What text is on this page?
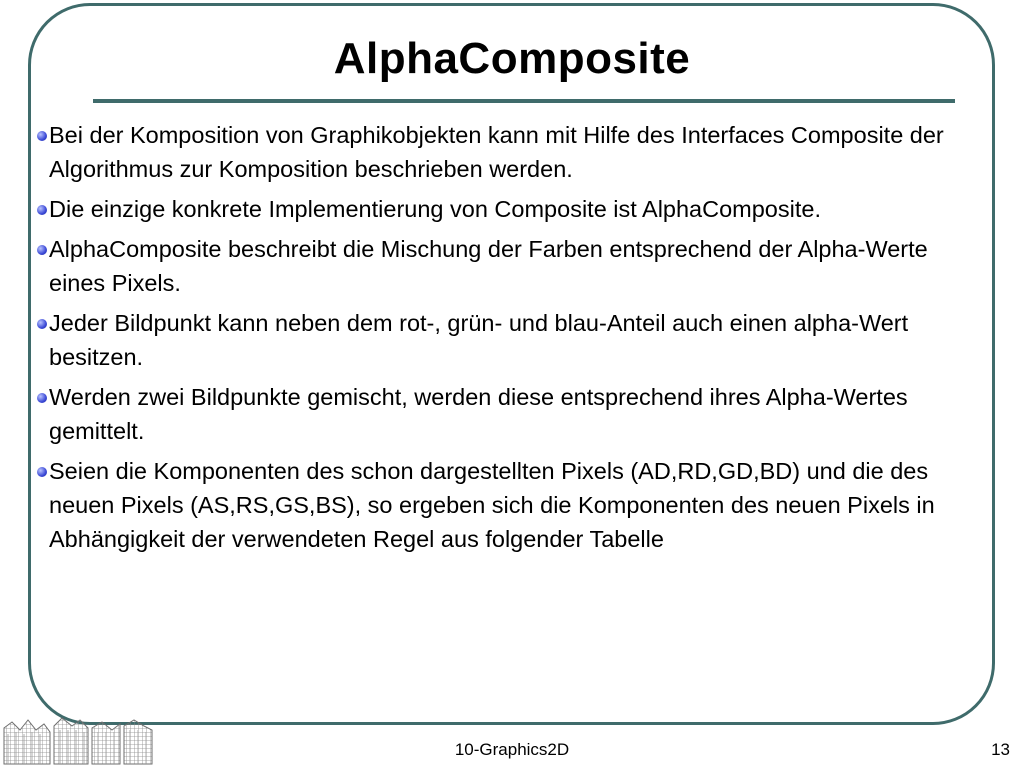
AlphaComposite
Bei der Komposition von Graphikobjekten kann mit Hilfe des Interfaces Composite der Algorithmus zur Komposition beschrieben werden.
Die einzige konkrete Implementierung von Composite ist AlphaComposite.
AlphaComposite beschreibt die Mischung der Farben entsprechend der Alpha-Werte eines Pixels.
Jeder Bildpunkt kann neben dem rot-, grün- und blau-Anteil auch einen alpha-Wert besitzen.
Werden zwei Bildpunkte gemischt, werden diese entsprechend ihres Alpha-Wertes gemittelt.
Seien die Komponenten des schon dargestellten Pixels (AD,RD,GD,BD) und die des neuen Pixels (AS,RS,GS,BS), so ergeben sich die Komponenten des neuen Pixels in Abhängigkeit der verwendeten Regel aus folgender Tabelle
10-Graphics2D	13
